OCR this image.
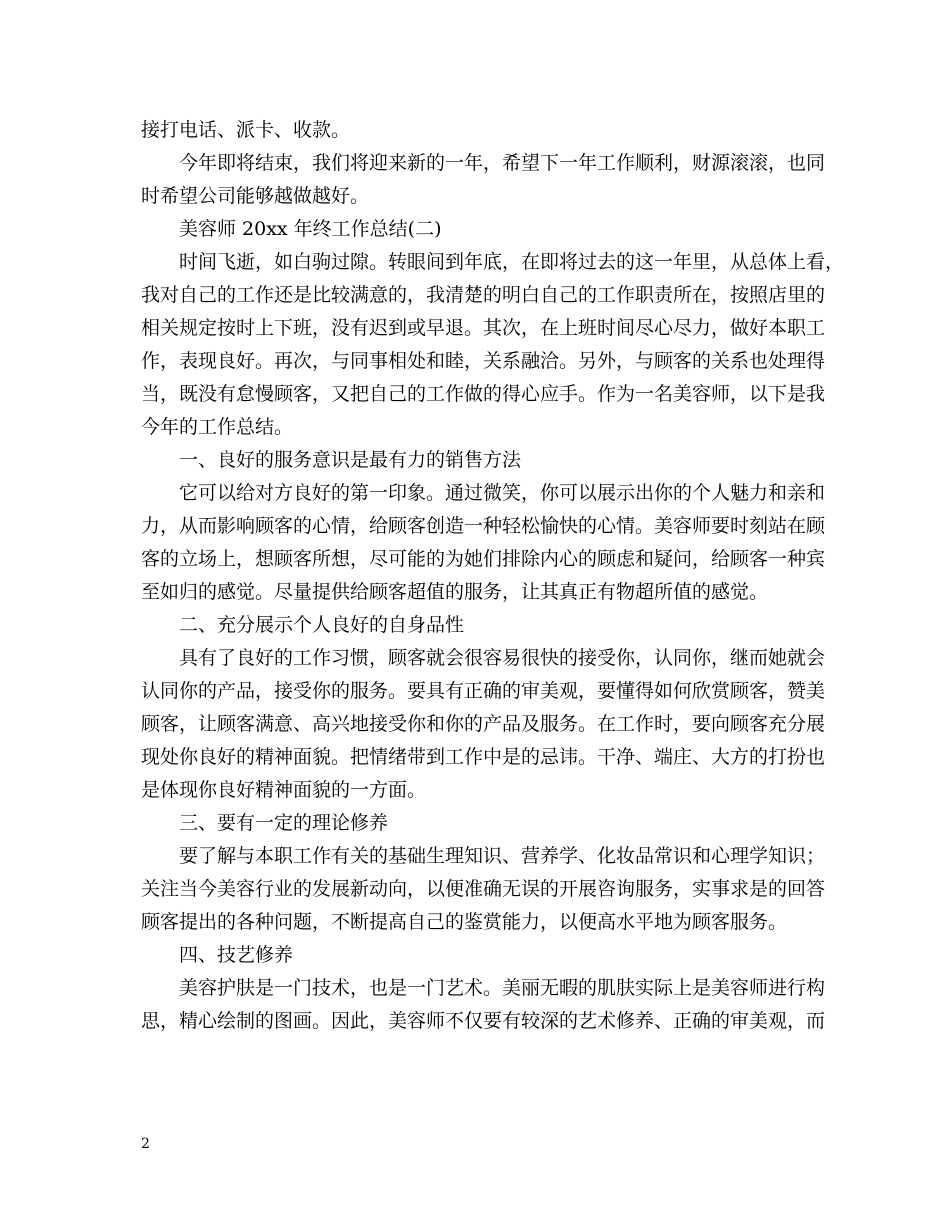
接打电话、派卡、收款。
今年即将结束，我们将迎来新的一年，希望下一年工作顺利，财源滚滚，也同
时希望公司能够越做越好。
美容师 20xx 年终工作总结(二)
时间飞逝，如白驹过隙。转眼间到年底，在即将过去的这一年里，从总体上看，
我对自己的工作还是比较满意的，我清楚的明白自己的工作职责所在，按照店里的
相关规定按时上下班，没有迟到或早退。其次，在上班时间尽心尽力，做好本职工
作，表现良好。再次，与同事相处和睦，关系融洽。另外，与顾客的关系也处理得
当，既没有怠慢顾客，又把自己的工作做的得心应手。作为一名美容师，以下是我
今年的工作总结。
一、良好的服务意识是最有力的销售方法
它可以给对方良好的第一印象。通过微笑，你可以展示出你的个人魅力和亲和
力，从而影响顾客的心情，给顾客创造一种轻松愉快的心情。美容师要时刻站在顾
客的立场上，想顾客所想，尽可能的为她们排除内心的顾虑和疑问，给顾客一种宾
至如归的感觉。尽量提供给顾客超值的服务，让其真正有物超所值的感觉。
二、充分展示个人良好的自身品性
具有了良好的工作习惯，顾客就会很容易很快的接受你，认同你，继而她就会
认同你的产品，接受你的服务。要具有正确的审美观，要懂得如何欣赏顾客，赞美
顾客，让顾客满意、高兴地接受你和你的产品及服务。在工作时，要向顾客充分展
现处你良好的精神面貌。把情绪带到工作中是的忌讳。干净、端庄、大方的打扮也
是体现你良好精神面貌的一方面。
三、要有一定的理论修养
要了解与本职工作有关的基础生理知识、营养学、化妆品常识和心理学知识；
关注当今美容行业的发展新动向，以便准确无误的开展咨询服务，实事求是的回答
顾客提出的各种问题，不断提高自己的鉴赏能力，以便高水平地为顾客服务。
四、技艺修养
美容护肤是一门技术，也是一门艺术。美丽无暇的肌肤实际上是美容师进行构
思，精心绘制的图画。因此，美容师不仅要有较深的艺术修养、正确的审美观，而
2
